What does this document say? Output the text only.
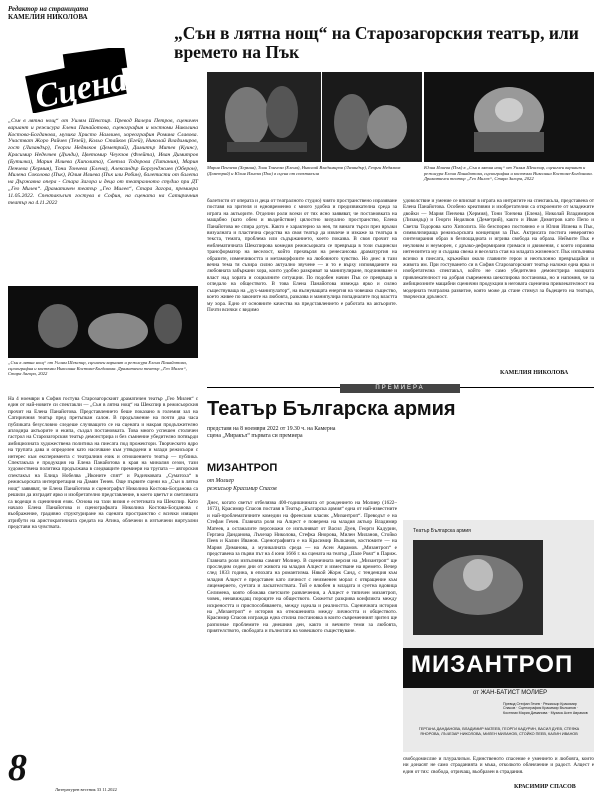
Редактор на страницата
КАМЕЛИЯ НИКОЛОВА
Сцена
„Сън в лятна нощ“ на Старозагорския театър, или времето на Пък
Мария Пенчева (Хермия), Тони Тончева (Елена), Николай Владимиров (Лизандър), Георги Недялков (Деметрий) и Юлия Илиева (Пък) в сцена от спектакъла
Юлия Илиева (Пък) в „Сън в лятна нощ“ от Уилям Шекспир, сценичен вариант и режисура Елена Панайотова, сценография и костюми Николина Костова-Богданова. Драматичен театър „Гео Милев“, Стара Загора, 2022
„Сън в лятна нощ“ от Уилям Шекспир. Превод Валери Петров, сценичен вариант и режисура Елена Панайотова, сценография и костюми Николина Костова-Богданова, музика Христо Намлиев, хореография Ромина Славова. Участват Жоро Райчев (Тезей), Кольо Стайков (Егей), Николай Владимиров, гост (Лизандър), Георги Недялков (Деметрий), Димитър Митев (Куинс), Красимир Неделчев (Дънди), Цветомир Чеукзов (Флейта), Иван Димитров (Бутилка), Мария Илиева (Хиполита), Светла Тодорова (Титания), Мария Пенчева (Хермия), Тони Тончева (Елена), Александър Боргунджиев (Оберон), Милена Соколова (Пък), Юлия Илиева (Пък или Робин), балетисти от балета на Държавна опера - Стара Загора и деца от театралното студио при ДТ „Гео Милев“. Драматичен театър „Гео Милев“, Стара Загора, премиера 11.05.2022. Спектакълът гостува в София, на сцената на Сатиричния театър на 4.11.2022
„Сън в лятна нощ“ от Уилям Шекспир, сценичен вариант и режисура Елена Панайотова, сценография и костюми Николина Костова-Богданова. Драматичен театър „Гео Милев“, Стара Загора, 2022
На 4 ноември в София гостува Старозагорският драматичен театър „Гео Милев“ с един от най-новите си спектакли — „Сън в лятна нощ“ на Шекспир в режисьорския прочит на Елена Панайотова. Представлението беше показано в големия зал на Сатиричния театър пред претъпкан салон. В продължение на почти два часа публиката безусловно следеше случващото се на сцената и накрая продължително аплодира актьорите и екипа, създал постановката. Това много успешен столичен гастрол на Старозагорския театър демонстрира и без съмнение убедително потвърди амбициозната художествена политика на пиесата под прожектори. Творческото ядро на трупата дава и определен като насочване към утвърдени и млади режисьори с интерес към експеримента с театралния език и отношението театър — публика. Спектакъла е продукция на Елена Панайотова в края на миналия сезон, тази художествена политика продължава в следващите премиери на трупата — авторския спектакъл на Елица Нобелва „Иконите спят“ и Радичковата „Суматоха“ в режисьорската интерпретация на Дамян Тенев. Още първите сцени на „Сън в лятна нощ“ заявяват, че Елена Панайотова и сценографът Николина Костова-Богданова са решили да изградят ярко и изобретателно представление, в което цветът и светлината са водещи в сценичния език. Основа на тази визия е естетиката на Шекспир. Като начало Елена Панайотова и сценографката Николина Костова-Богданова с въображение, градивно структуриране на сцената пространство с всички изящни атрибути на аристократичната средата на Атина, облечени в изтънчени виртуални представи на чувствата.
балетисти от операта и деца от театралното студио) чиято пространствено изразяване поставя на зрителя и едновременно с много удобна и предизвикателна среда за играта на актьорите. Отделни роли всеки от тях ясно заявяват, че постановката на мащабно (като обем и въздействие) цялостно визуално пространство, Елена Панайотова не спира дотук. Както е характерно за нея, тя винаги търси през връзки визуалната и пластична средства на своя театър да извлече и изкаже за театъра в текста, темата, проблема или съдържанието, което показва. В своя прочит на емблематичната Шекспирова комедия режисьорката се превръща в този същински трансформатор на веселост, който прехвърля на ренесансова драматургия на образите, изменчивостта и метаморфозите на любовното чувство. Но днес в тази вечна тема тя съзира силно актуално звучене — и то е върху изповяданите на любовната забъркани хора, които удобно разкриват за манипулиране, подчиняване и власт над хората и социалните ситуации. По подобен начин Пък се превръща в огледало на обществото. В това Елена Панайотова извежда ярко и силно съществуваща на „дух-манипулатор“, на вълнуващата енергия на човешко същество, което живее по законите на любовта, разказва и манипулира попадналите под властта му хора. Едно от основните качества на представлението е работата на актьорите. Почти всички с видимо
удоволствие и умение се вписват в играта на интригите на спектакъла, представена от Елена Панайотова. Особено креативни и изобретателни са откроените от младежите двойки — Мария Пенчева (Хермия), Тони Тончева (Елена), Николай Владимиров (Лизандър) и Георги Недялков (Деметрий), както и Иван Димитров като Пепо и Светла Тодорова като Хиполита. Но безспорно постоянно е и Юлия Илиева в Пък, символизираща режисьорската концепция за Пък. Актрисата постига невероятно синтезирания образ в безпощадната и игрива свобода на образа. Неймите Пък е неуловим и неуморен, с дръзко-деформирани гримаси и движения, с които изразява интензитета му и създава свежа и веселата стая на младата жизненост. Пък изпълнява всичко в пиесата, кръжейки около главните герои и неотклонно превръщайки и живота им. При гостуването си в София Старозагорският театър наложи една ярка и изобретателна спектакъл, който не само убедително демонстрира мощната привлекателност на добрая съвременна шекспирова постановка, но и напомня, че за амбициозните мащабни сценични продукции в неговата сценична привлекателност на модерната театрална развитие, която може да стане стимул за бъдещето на театъра, творчески дръзност.
КАМЕЛИЯ НИКОЛОВА
ПРЕМИЕРА
Театър Българска армия
представя на 8 ноември 2022 от 19.30 ч. на Камерна сцена „Миракъл“ първата си премиера
МИЗАНТРОП
от Молиер
режисьор Красимир Спасов
Днес, когато светът отбелязва 400-годишнината от рождението на Молиер (1622–1673), Красимир Спасов поставя в Театър „Българска армия“ една от най-известните и най-проблематичните комедии на френския класик „Мизантроп“. Преводът е на Стефан Гечев. Главната роля на Алцест е поверена на младия актьор Владимир Матеев, а останалите персонажи се изпълняват от Васил Дуев, Георги Кадурин, Гергана Данданова, Лъчезар Николова, Стефка Янорова, Милен Миланов, Стойко Пеев и Калин Иванов. Сценографията е на Красимир Вълканов, костюмите — на Мария Диманова, а музикалната среда — на Асен Аврамов. „Мизантроп“ е представена за първи път на 4 юни 1666 г. на сцената на театър „Пале Роял“ в Париж. Главната роля изпълнява самият Молиер. В сценичната версия на „Мизантроп“ ще проследим седем дни от живота на младия Алцест и изместване на времето. Вечер след 1833 година, в епохата на романтизма. Някой Жорж Санд, с тенденция към младия Алцест е представен като личност с неизменен морал с отвращение към лицемерието, суетата и ласкателствата. Той е влюбен в младата и суетна вдовица Селимена, която обожава светските развлечения, а Алцест е типичен мизантроп, човек, ненавиждащ пороците на обществото. Сюжетът разкрива конфликта между искреността и приспособяването, между идеала и реалността. Сценичната история на „Мизантроп“ е история на отношенията между личността и обществото. Красимир Спасов изгражда една стилна постановка в които съвременният зрител ще разпознае проблемите на днешния ден, както и вечните теми за любовта, приятелството, свободата и пълнотата на човешкото съществуване.
свободомислие и плурализъм. Единственото спасение е умението и любовта, които ни донасят не само страданията и мъка, отколкото облекчение и радост. Алцест е един от тях: свобода, отричащ, въобразен в страдания.
КРАСИМИР СПАСОВ
Театър Българска армия
МИЗАНТРОП
от ЖАН-БАТИСТ МОЛИЕР
Превод Стефан Гечев · Режисьор Красимир Спасов · Сценография Красимир Вълканов · Костюми Мария Диманова · Музика Асен Аврамов
ГЕРГАНА ДАНДАНОВА, ВЛАДИМИР МАТЕЕВ, ГЕОРГИ КАДУРИН, ВАСИЛ ДУЕВ, СТЕФКА ЯНОРОВА, ЛЪЧЕЗАР НИКОЛОВА, МИЛЕН МИЛАНОВ, СТОЙКО ПЕЕВ, КАЛИН ИВАНОВ
8
Литературен вестник 33 11.2022
